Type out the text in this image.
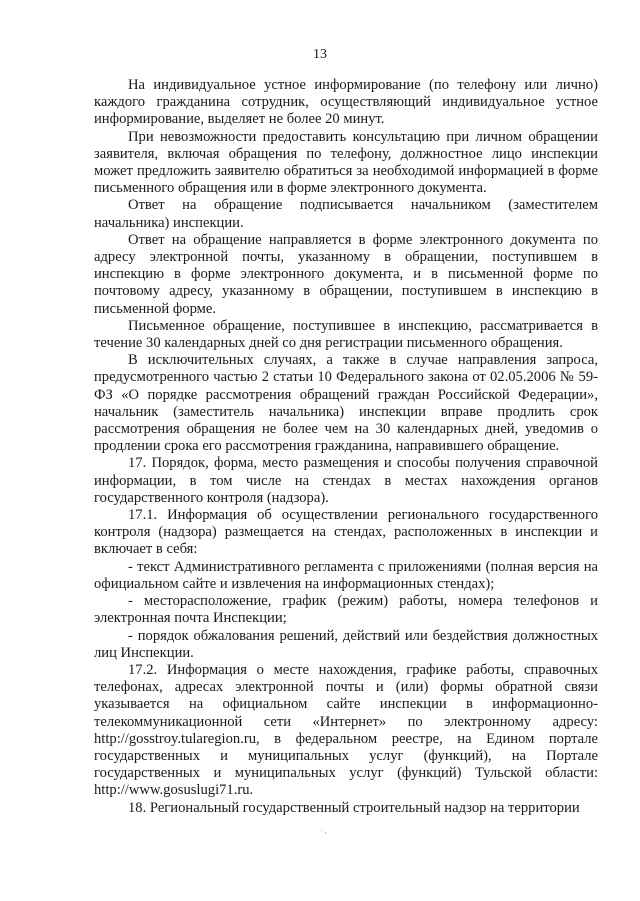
13

На индивидуальное устное информирование (по телефону или лично) каждого гражданина сотрудник, осуществляющий индивидуальное устное информирование, выделяет не более 20 минут.

При невозможности предоставить консультацию при личном обращении заявителя, включая обращения по телефону, должностное лицо инспекции может предложить заявителю обратиться за необходимой информацией в форме письменного обращения или в форме электронного документа.

Ответ на обращение подписывается начальником (заместителем начальника) инспекции.

Ответ на обращение направляется в форме электронного документа по адресу электронной почты, указанному в обращении, поступившем в инспекцию в форме электронного документа, и в письменной форме по почтовому адресу, указанному в обращении, поступившем в инспекцию в письменной форме.

Письменное обращение, поступившее в инспекцию, рассматривается в течение 30 календарных дней со дня регистрации письменного обращения.

В исключительных случаях, а также в случае направления запроса, предусмотренного частью 2 статьи 10 Федерального закона от 02.05.2006 № 59-ФЗ «О порядке рассмотрения обращений граждан Российской Федерации», начальник (заместитель начальника) инспекции вправе продлить срок рассмотрения обращения не более чем на 30 календарных дней, уведомив о продлении срока его рассмотрения гражданина, направившего обращение.

17. Порядок, форма, место размещения и способы получения справочной информации, в том числе на стендах в местах нахождения органов государственного контроля (надзора).

17.1. Информация об осуществлении регионального государственного контроля (надзора) размещается на стендах, расположенных в инспекции и включает в себя:

- текст Административного регламента с приложениями (полная версия на официальном сайте и извлечения на информационных стендах);

- месторасположение, график (режим) работы, номера телефонов и электронная почта Инспекции;

- порядок обжалования решений, действий или бездействия должностных лиц Инспекции.

17.2. Информация о месте нахождения, графике работы, справочных телефонах, адресах электронной почты и (или) формы обратной связи указывается на официальном сайте инспекции в информационно-телекоммуникационной сети «Интернет» по электронному адресу: http://gosstroy.tularegion.ru, в федеральном реестре, на Едином портале государственных и муниципальных услуг (функций), на Портале государственных и муниципальных услуг (функций) Тульской области: http://www.gosuslugi71.ru.

18. Региональный государственный строительный надзор на территории

· ,
